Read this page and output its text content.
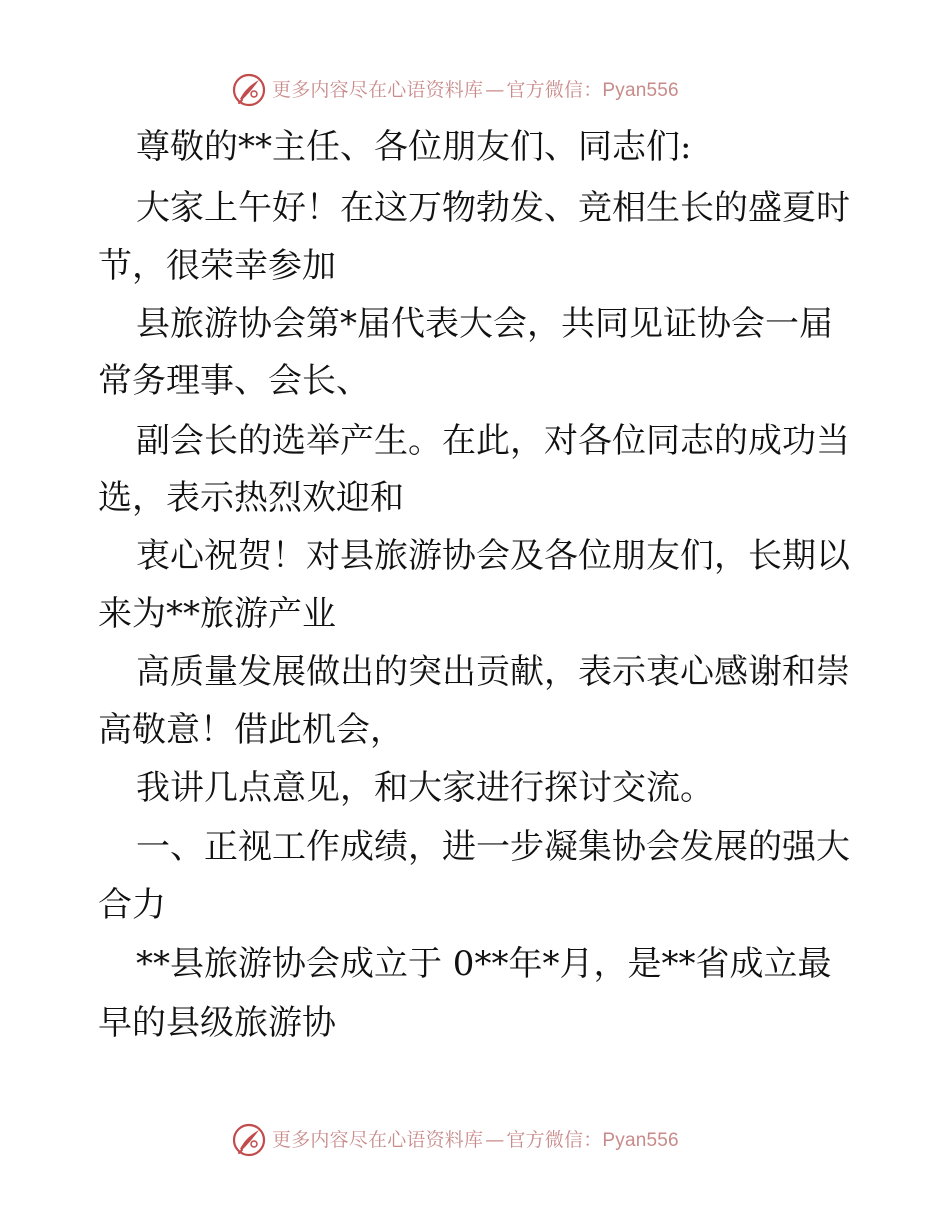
更多内容尽在心语资料库 — 官方微信：Pyan556
尊敬的**主任、各位朋友们、同志们:
大家上午好！在这万物勃发、竞相生长的盛夏时
节，很荣幸参加
县旅游协会第*届代表大会，共同见证协会一届
常务理事、会长、
副会长的选举产生。在此，对各位同志的成功当
选，表示热烈欢迎和
衷心祝贺！对县旅游协会及各位朋友们，长期以
来为**旅游产业
高质量发展做出的突出贡献，表示衷心感谢和崇
高敬意！借此机会，
我讲几点意见，和大家进行探讨交流。
一、正视工作成绩，进一步凝集协会发展的强大
合力
**县旅游协会成立于 0**年*月，是**省成立最
早的县级旅游协
更多内容尽在心语资料库 — 官方微信：Pyan556
